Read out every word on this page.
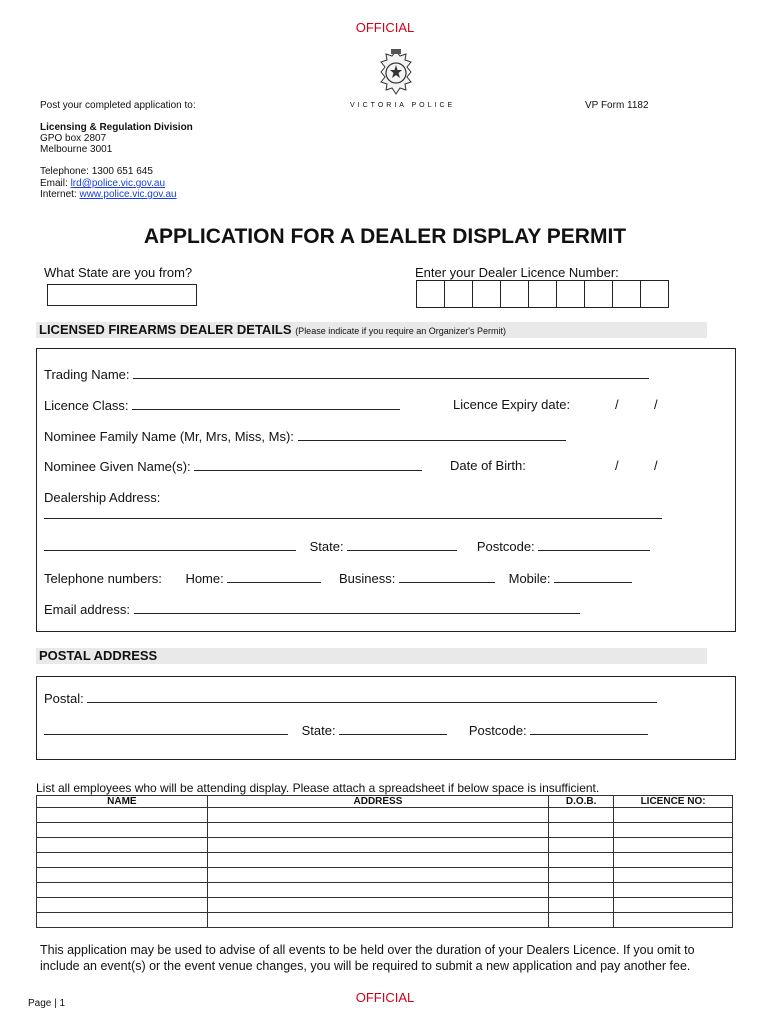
OFFICIAL
VICTORIA POLICE
Post your completed application to:	VP Form 1182
Licensing & Regulation Division
GPO box 2807
Melbourne 3001
Telephone: 1300 651 645
Email: lrd@police.vic.gov.au
Internet: www.police.vic.gov.au
APPLICATION FOR A DEALER DISPLAY PERMIT
What State are you from?	Enter your Dealer Licence Number:
LICENSED FIREARMS DEALER DETAILS (Please indicate if you require an Organizer's Permit)
Trading Name:
Licence Class:	Licence Expiry date:	/	/
Nominee Family Name (Mr, Mrs, Miss, Ms):
Nominee Given Name(s):	Date of Birth:	/	/
Dealership Address:
State:	Postcode:
Telephone numbers: Home:	Business:	Mobile:
Email address:
POSTAL ADDRESS
Postal:
State:	Postcode:
List all employees who will be attending display. Please attach a spreadsheet if below space is insufficient.
NAME	ADDRESS	D.O.B.	LICENCE NO:

This application may be used to advise of all events to be held over the duration of your Dealers Licence. If you omit to include an event(s) or the event venue changes, you will be required to submit a new application and pay another fee.
Page | 1	OFFICIAL
